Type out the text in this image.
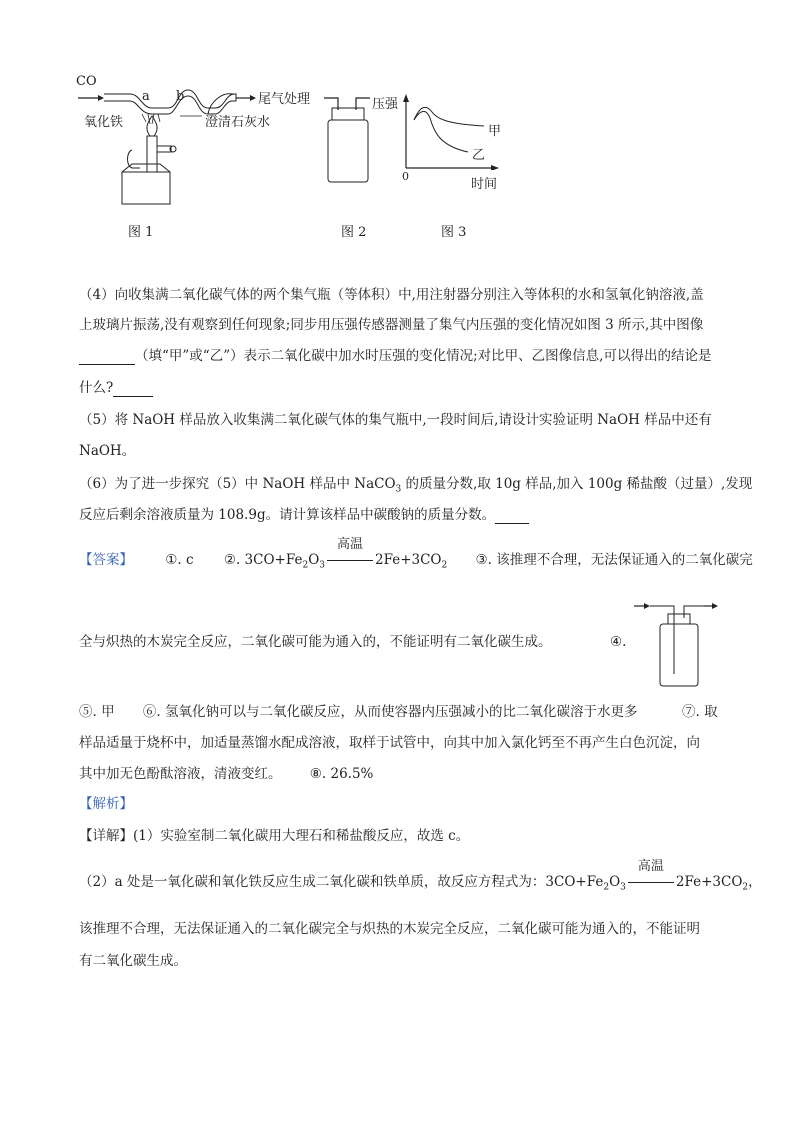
CO
a b	尾气处理
氧化铁	澄清石灰水
图 1	图 2
压强
时间
0
甲
乙
图 3
（4）向收集满二氧化碳气体的两个集气瓶（等体积）中,用注射器分别注入等体积的水和氢氧化钠溶液,盖
上玻璃片振荡,没有观察到任何现象;同步用压强传感器测量了集气内压强的变化情况如图 3 所示,其中图像
（填“甲”或“乙”）表示二氧化碳中加水时压强的变化情况;对比甲、乙图像信息,可以得出的结论是
什么?
（5）将 NaOH 样品放入收集满二氧化碳气体的集气瓶中,一段时间后,请设计实验证明 NaOH 样品中还有
NaOH。
（6）为了进一步探究（5）中 NaOH 样品中 NaCO$_3$ 的质量分数,取 10g 样品,加入 100g 稀盐酸（过量）,发现
反应后剩余溶液质量为 108.9g。请计算该样品中碳酸钠的质量分数。
【答案】 ①. c ②. $3CO+Fe_2O_3$
高温
$2Fe+3CO_2$ ③. 该推理不合理，无法保证通入的二氧化碳完
全与炽热的木炭完全反应，二氧化碳可能为通入的，不能证明有二氧化碳生成。	④.
⑤. 甲 ⑥. 氢氧化钠可以与二氧化碳反应，从而使容器内压强减小的比二氧化碳溶于水更多	⑦. 取
样品适量于烧杯中，加适量蒸馏水配成溶液，取样于试管中，向其中加入氯化钙至不再产生白色沉淀，向
其中加无色酚酞溶液，清液变红。 ⑧. 26.5%
【解析】
【详解】(1）实验室制二氧化碳用大理石和稀盐酸反应，故选 c。
（2）a 处是一氧化碳和氧化铁反应生成二氧化碳和铁单质，故反应方程式为：$3CO+Fe_2O_3$
高温
$2Fe+3CO_2$，
该推理不合理，无法保证通入的二氧化碳完全与炽热的木炭完全反应，二氧化碳可能为通入的，不能证明
有二氧化碳生成。
